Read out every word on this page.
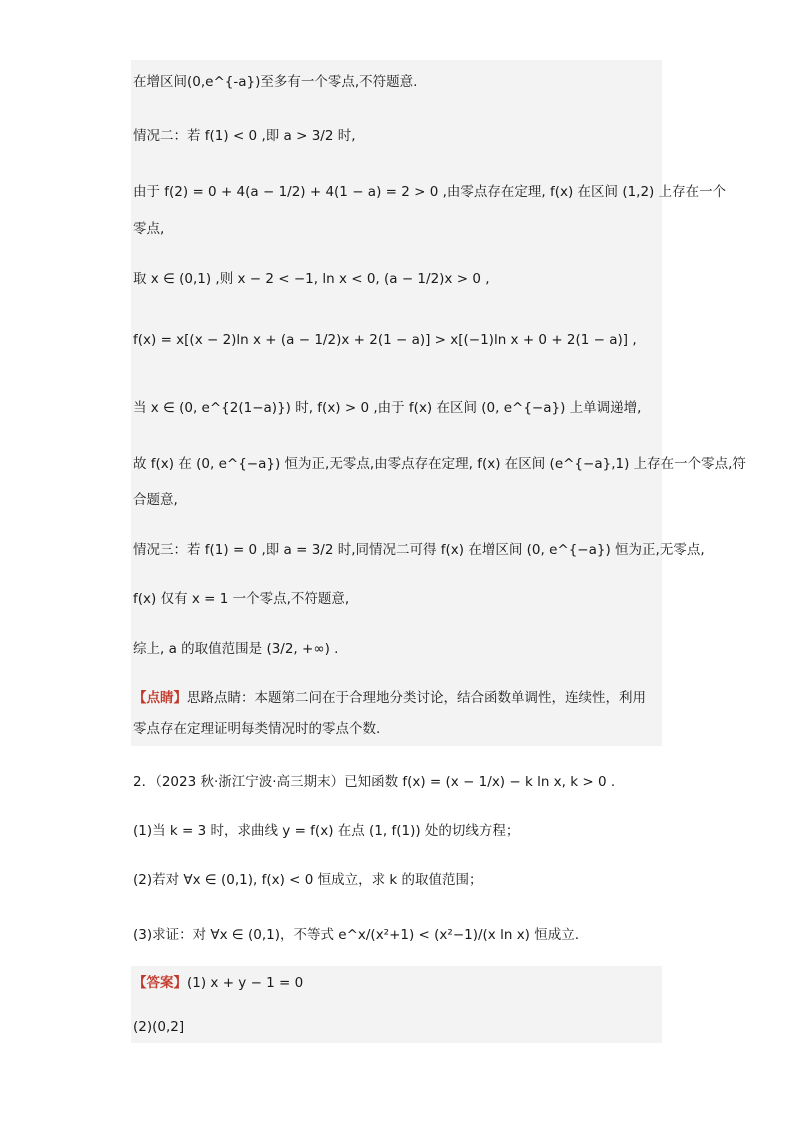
在增区间(0,e^{-a})至多有一个零点,不符题意.
情况二：若 f(1) < 0 ,即 a > 3/2 时,
由于 f(2) = 0 + 4(a − 1/2) + 4(1 − a) = 2 > 0 ,由零点存在定理, f(x) 在区间 (1,2) 上存在一个
零点,
取 x ∈ (0,1) ,则 x − 2 < −1, ln x < 0, (a − 1/2)x > 0 ,
f(x) = x[(x − 2)ln x + (a − 1/2)x + 2(1 − a)] > x[(−1)ln x + 0 + 2(1 − a)] ,
当 x ∈ (0, e^{2(1−a)}) 时, f(x) > 0 ,由于 f(x) 在区间 (0, e^{−a}) 上单调递增,
故 f(x) 在 (0, e^{−a}) 恒为正,无零点,由零点存在定理, f(x) 在区间 (e^{−a},1) 上存在一个零点,符
合题意,
情况三：若 f(1) = 0 ,即 a = 3/2 时,同情况二可得 f(x) 在增区间 (0, e^{−a}) 恒为正,无零点,
f(x) 仅有 x = 1 一个零点,不符题意,
综上, a 的取值范围是 (3/2, +∞) .
【点睛】思路点睛：本题第二问在于合理地分类讨论，结合函数单调性，连续性，利用
零点存在定理证明每类情况时的零点个数.
2．（2023 秋·浙江宁波·高三期末）已知函数 f(x) = (x − 1/x) − k ln x, k > 0 .
(1)当 k = 3 时，求曲线 y = f(x) 在点 (1, f(1)) 处的切线方程；
(2)若对 ∀x ∈ (0,1), f(x) < 0 恒成立，求 k 的取值范围；
(3)求证：对 ∀x ∈ (0,1)，不等式 e^x/(x²+1) < (x²−1)/(x ln x) 恒成立.
【答案】(1) x + y − 1 = 0
(2)(0,2]
